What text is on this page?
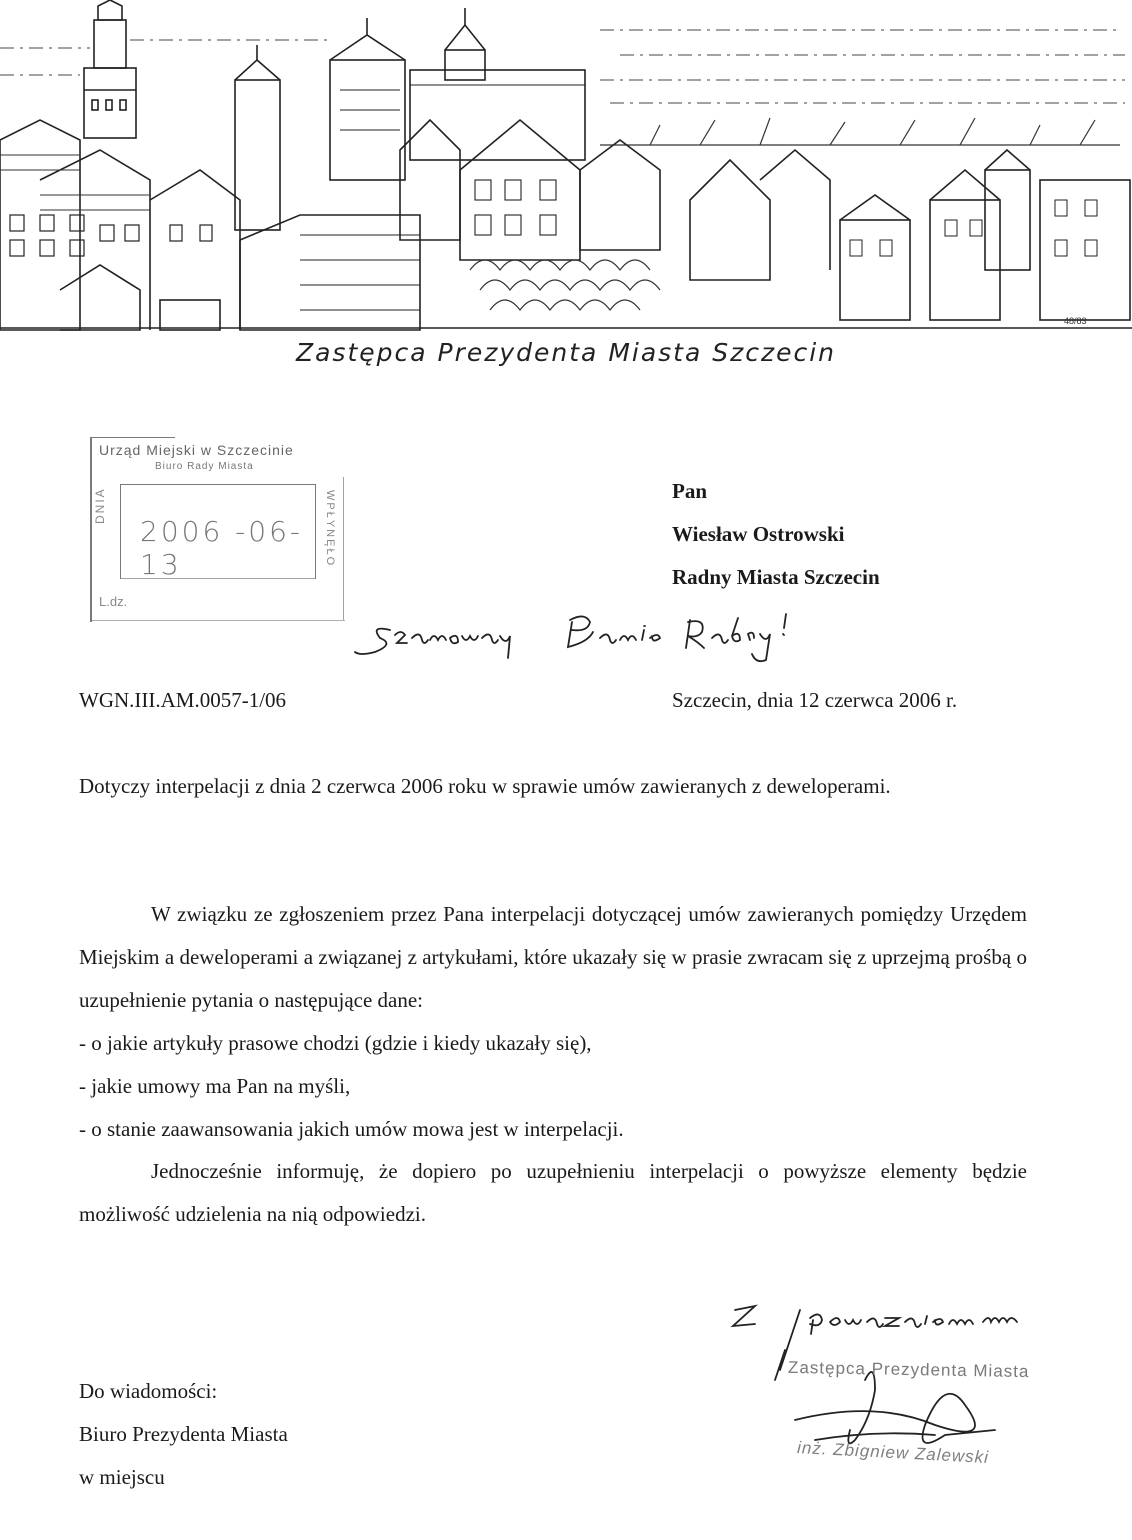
48/83
Zastępca Prezydenta Miasta Szczecin
Urząd Miejski w Szczecinie
Biuro Rady Miasta
DNIA	WPŁYNĘŁO
2006 -06- 13
L.dz.
Pan
Wiesław Ostrowski
Radny Miasta Szczecin
WGN.III.AM.0057-1/06	Szczecin, dnia 12 czerwca 2006 r.
Dotyczy interpelacji z dnia 2 czerwca 2006 roku w sprawie umów zawieranych z deweloperami.
W związku ze zgłoszeniem przez Pana interpelacji dotyczącej umów zawieranych pomiędzy Urzędem Miejskim a deweloperami a związanej z artykułami, które ukazały się w prasie zwracam się z uprzejmą prośbą o uzupełnienie pytania o następujące dane:
- o jakie artykuły prasowe chodzi (gdzie i kiedy ukazały się),
- jakie umowy ma Pan na myśli,
- o stanie zaawansowania jakich umów mowa jest w interpelacji.
Jednocześnie informuję, że dopiero po uzupełnieniu interpelacji o powyższe elementy będzie możliwość udzielenia na nią odpowiedzi.
Zastępca Prezydenta Miasta
inż. Zbigniew Zalewski
Do wiadomości:
Biuro Prezydenta Miasta
w miejscu
